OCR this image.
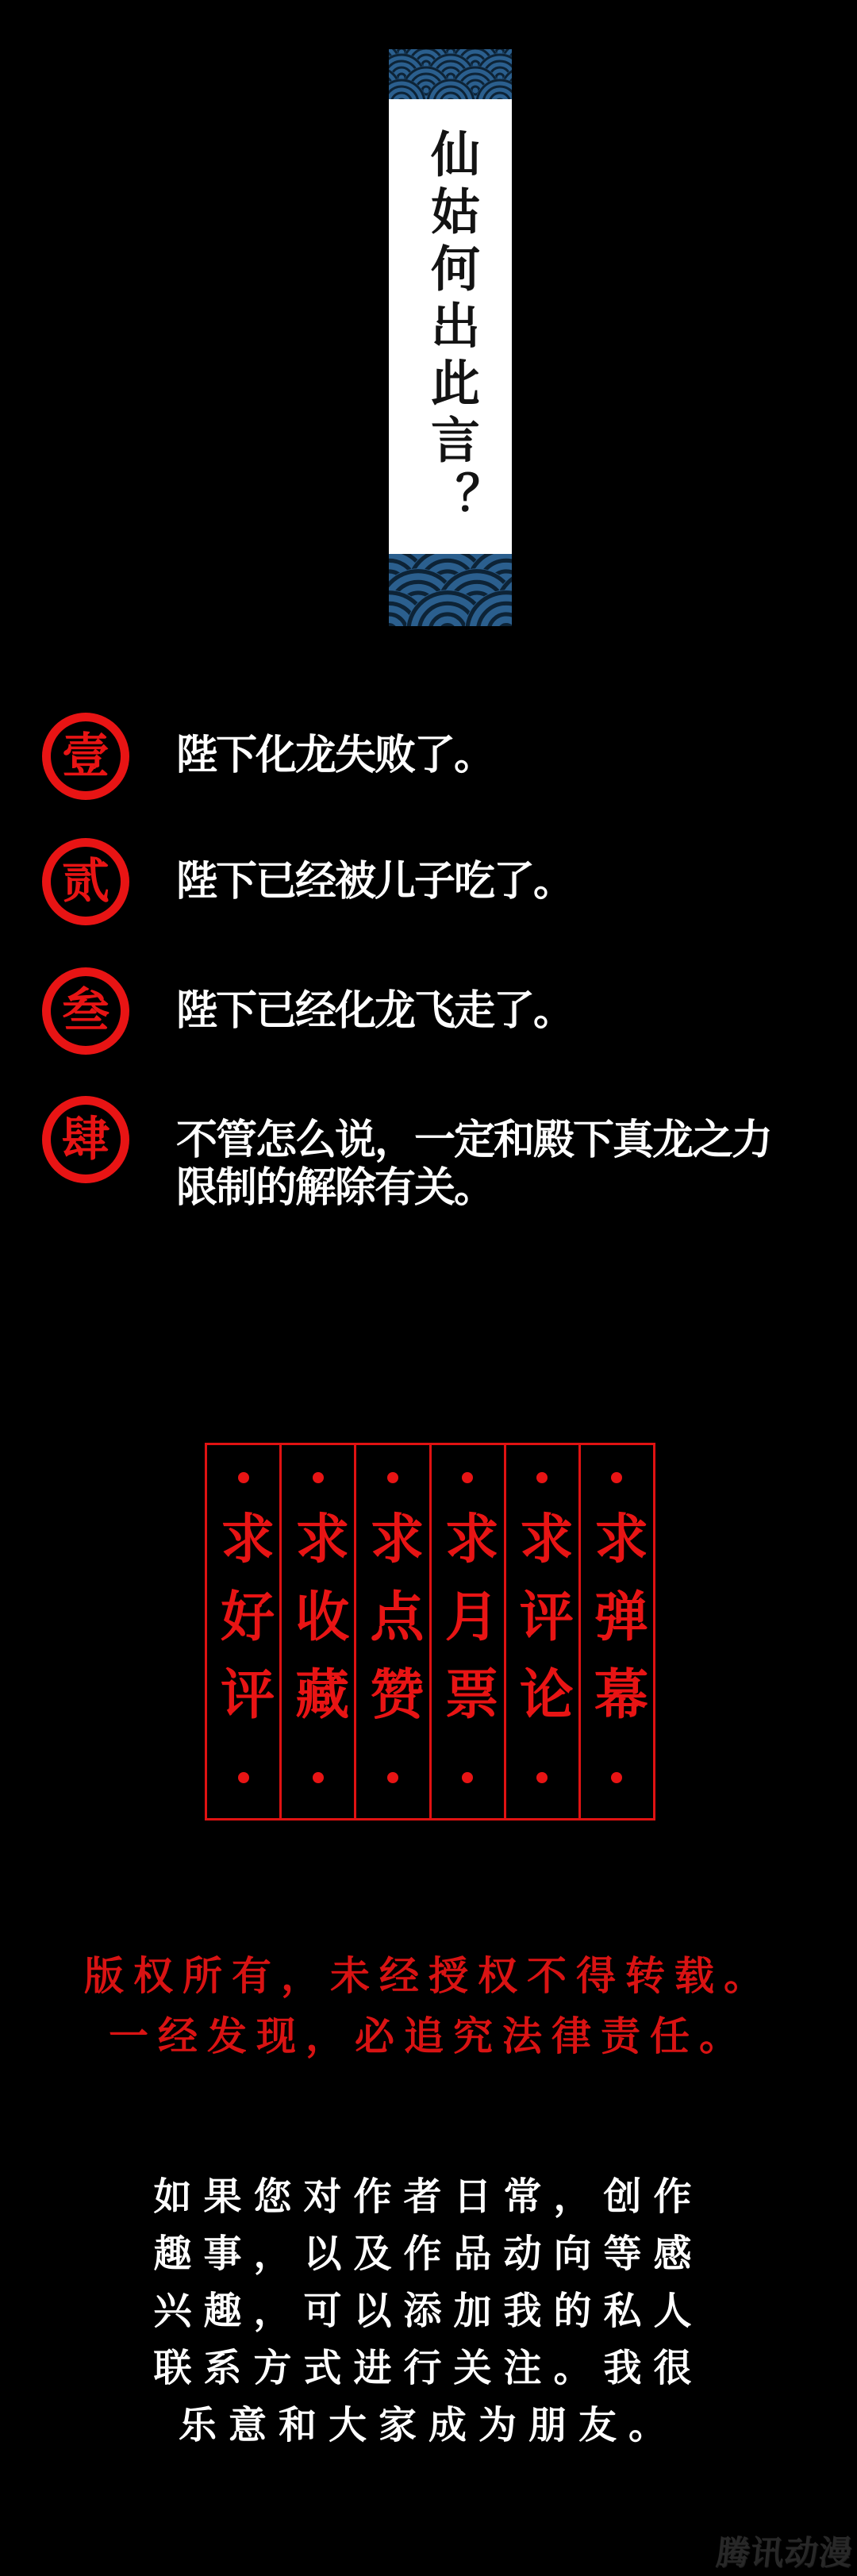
仙姑何出此言？
壹 陛下化龙失败了。
贰 陛下已经被儿子吃了。
叁 陛下已经化龙飞走了。
肆 不管怎么说，一定和殿下真龙之力
限制的解除有关。
求好评 求收藏 求点赞 求月票 求评论 求弹幕
版权所有，未经授权不得转载。
一经发现，必追究法律责任。
如果您对作者日常，创作
趣事，以及作品动向等感
兴趣，可以添加我的私人
联系方式进行关注。我很
乐意和大家成为朋友。
腾讯动漫
